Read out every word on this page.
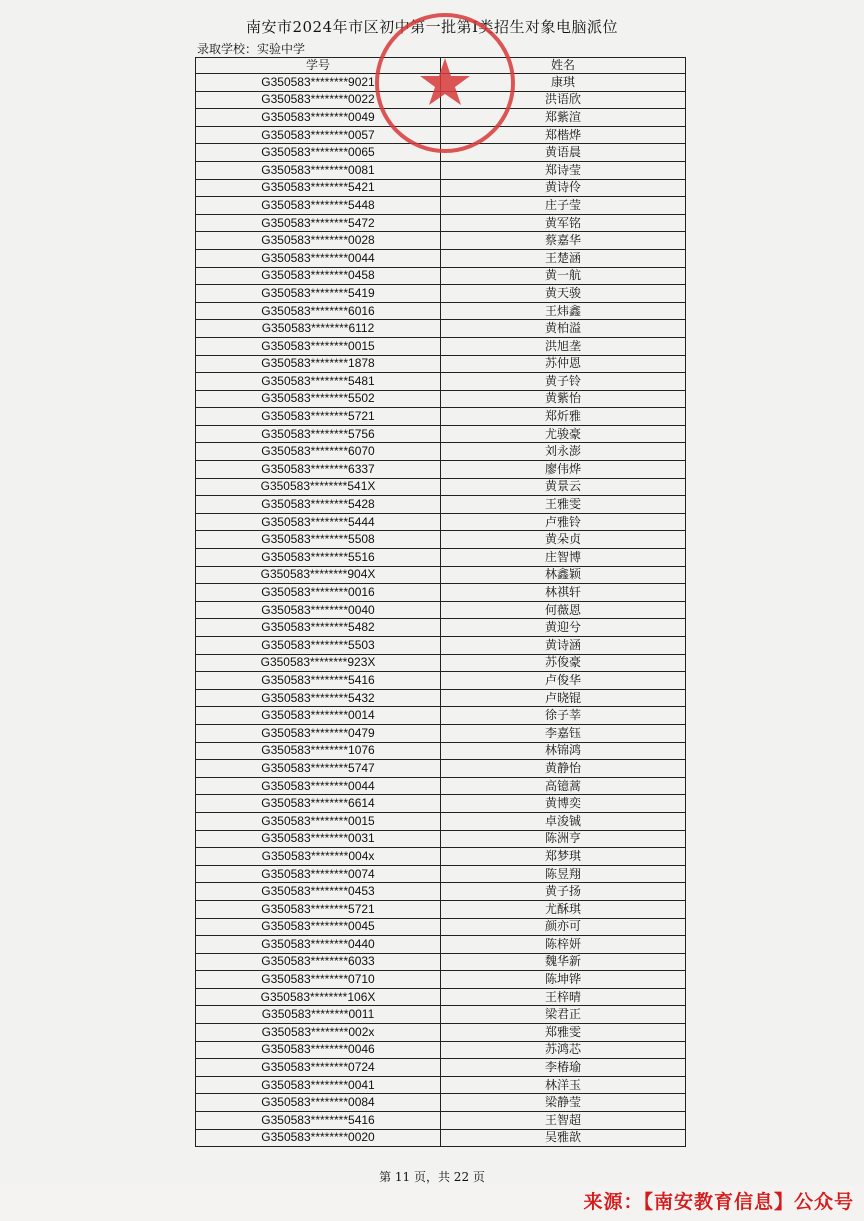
南安市2024年市区初中第一批第I类招生对象电脑派位
录取学校：实验中学
学号	姓名
G350583********9021	康琪
G350583********0022	洪语欣
G350583********0049	郑紫渲
G350583********0057	郑楷烨
G350583********0065	黄语晨
G350583********0081	郑诗莹
G350583********5421	黄诗伶
G350583********5448	庄子莹
G350583********5472	黄军铭
G350583********0028	蔡嘉华
G350583********0044	王楚涵
G350583********0458	黄一航
G350583********5419	黄天骏
G350583********6016	王炜鑫
G350583********6112	黄柏溢
G350583********0015	洪旭垄
G350583********1878	苏仲恩
G350583********5481	黄子铃
G350583********5502	黄紫怡
G350583********5721	郑炘雅
G350583********5756	尤骏豪
G350583********6070	刘永澎
G350583********6337	廖伟烨
G350583********541X	黄景云
G350583********5428	王雅雯
G350583********5444	卢雅铃
G350583********5508	黄朵贞
G350583********5516	庄智博
G350583********904X	林鑫颖
G350583********0016	林祺轩
G350583********0040	何薇恩
G350583********5482	黄迎兮
G350583********5503	黄诗涵
G350583********923X	苏俊豪
G350583********5416	卢俊华
G350583********5432	卢晓锟
G350583********0014	徐子莘
G350583********0479	李嘉钰
G350583********1076	林锦鸿
G350583********5747	黄静怡
G350583********0044	高镱蒿
G350583********6614	黄博奕
G350583********0015	卓浚铖
G350583********0031	陈洲亨
G350583********004x	郑梦琪
G350583********0074	陈昱翔
G350583********0453	黄子扬
G350583********5721	尤酥琪
G350583********0045	颜亦可
G350583********0440	陈梓妍
G350583********6033	魏华新
G350583********0710	陈坤铧
G350583********106X	王梓晴
G350583********0011	梁君正
G350583********002x	郑雅雯
G350583********0046	苏鸿芯
G350583********0724	李椿瑜
G350583********0041	林洋玉
G350583********0084	梁静莹
G350583********5416	王智超
G350583********0020	吴雅歆
第 11 页，共 22 页
来源：【南安教育信息】公众号
